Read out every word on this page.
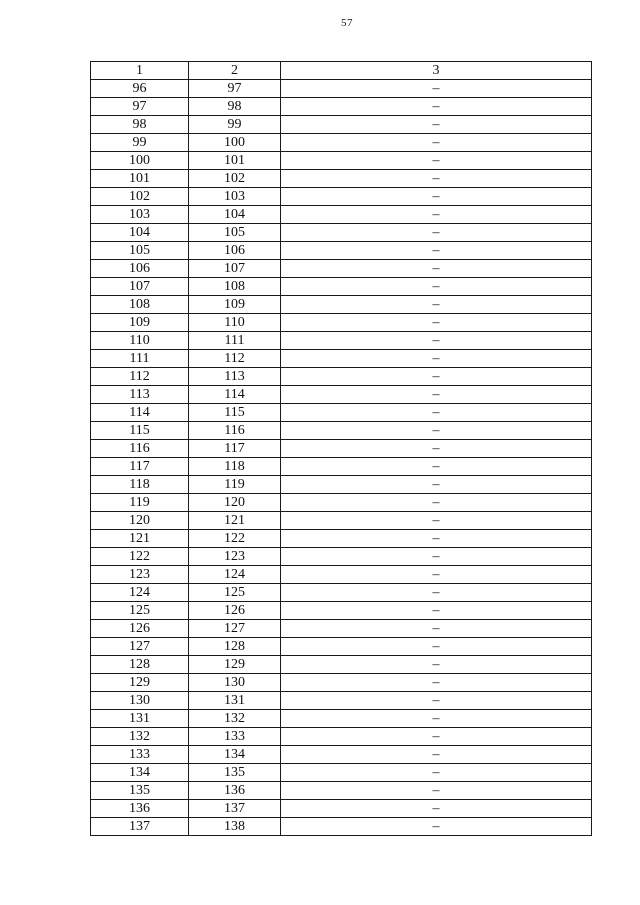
57
1	2	3
96	97	–
97	98	–
98	99	–
99	100	–
100	101	–
101	102	–
102	103	–
103	104	–
104	105	–
105	106	–
106	107	–
107	108	–
108	109	–
109	110	–
110	111	–
111	112	–
112	113	–
113	114	–
114	115	–
115	116	–
116	117	–
117	118	–
118	119	–
119	120	–
120	121	–
121	122	–
122	123	–
123	124	–
124	125	–
125	126	–
126	127	–
127	128	–
128	129	–
129	130	–
130	131	–
131	132	–
132	133	–
133	134	–
134	135	–
135	136	–
136	137	–
137	138	–
